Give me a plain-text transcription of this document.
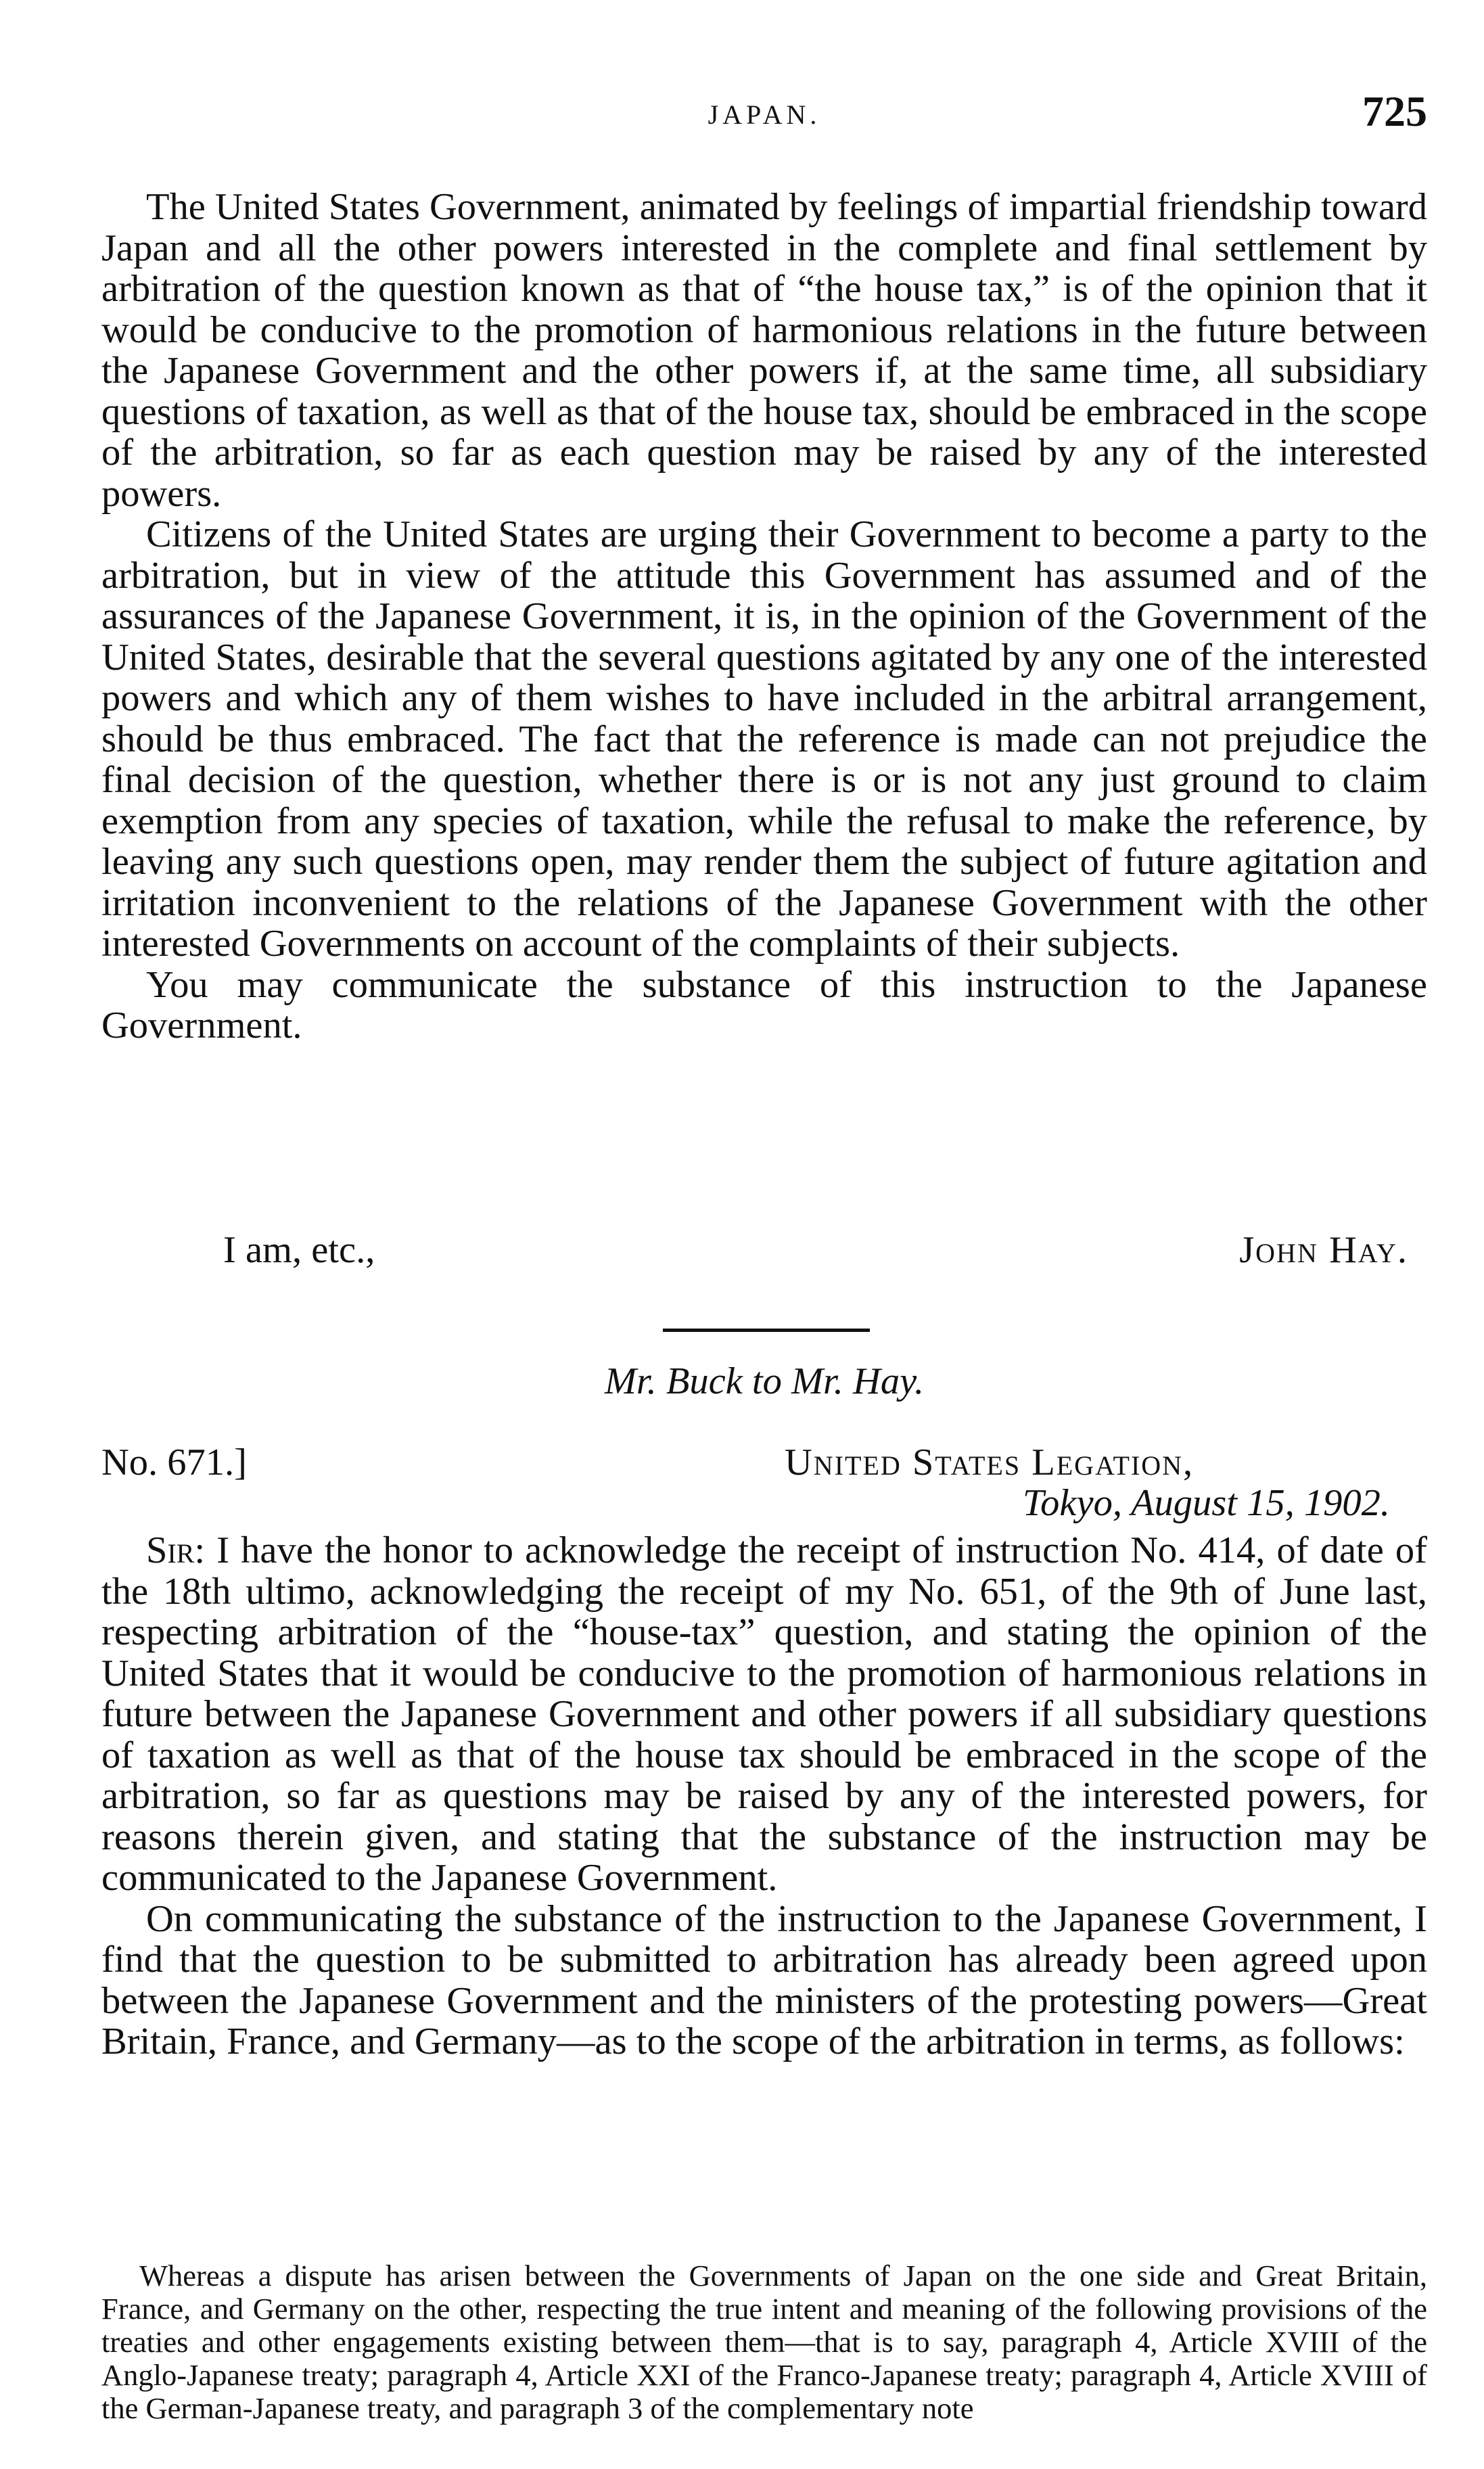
JAPAN.	725

The United States Government, animated by feelings of impartial friendship toward Japan and all the other powers interested in the complete and final settlement by arbitration of the question known as that of “the house tax,” is of the opinion that it would be conducive to the promotion of harmonious relations in the future between the Japanese Government and the other powers if, at the same time, all subsidiary questions of taxation, as well as that of the house tax, should be embraced in the scope of the arbitration, so far as each question may be raised by any of the interested powers.

Citizens of the United States are urging their Government to become a party to the arbitration, but in view of the attitude this Government has assumed and of the assurances of the Japanese Government, it is, in the opinion of the Government of the United States, desirable that the several questions agitated by any one of the interested powers and which any of them wishes to have included in the arbitral arrangement, should be thus embraced. The fact that the reference is made can not prejudice the final decision of the question, whether there is or is not any just ground to claim exemption from any species of taxation, while the refusal to make the reference, by leaving any such questions open, may render them the subject of future agitation and irritation inconvenient to the relations of the Japanese Government with the other interested Governments on account of the complaints of their subjects.

You may communicate the substance of this instruction to the Japanese Government.

I am, etc.,	John Hay.
Mr. Buck to Mr. Hay.
No. 671.]	United States Legation,
Tokyo, August 15, 1902.

Sir: I have the honor to acknowledge the receipt of instruction No. 414, of date of the 18th ultimo, acknowledging the receipt of my No. 651, of the 9th of June last, respecting arbitration of the “house-tax” question, and stating the opinion of the United States that it would be conducive to the promotion of harmonious relations in future between the Japanese Government and other powers if all subsidiary questions of taxation as well as that of the house tax should be embraced in the scope of the arbitration, so far as questions may be raised by any of the interested powers, for reasons therein given, and stating that the substance of the instruction may be communicated to the Japanese Government.

On communicating the substance of the instruction to the Japanese Government, I find that the question to be submitted to arbitration has already been agreed upon between the Japanese Government and the ministers of the protesting powers—Great Britain, France, and Germany—as to the scope of the arbitration in terms, as follows:

Whereas a dispute has arisen between the Governments of Japan on the one side and Great Britain, France, and Germany on the other, respecting the true intent and meaning of the following provisions of the treaties and other engagements existing between them—that is to say, paragraph 4, Article XVIII of the Anglo-Japanese treaty; paragraph 4, Article XXI of the Franco-Japanese treaty; paragraph 4, Article XVIII of the German-Japanese treaty, and paragraph 3 of the complementary note
